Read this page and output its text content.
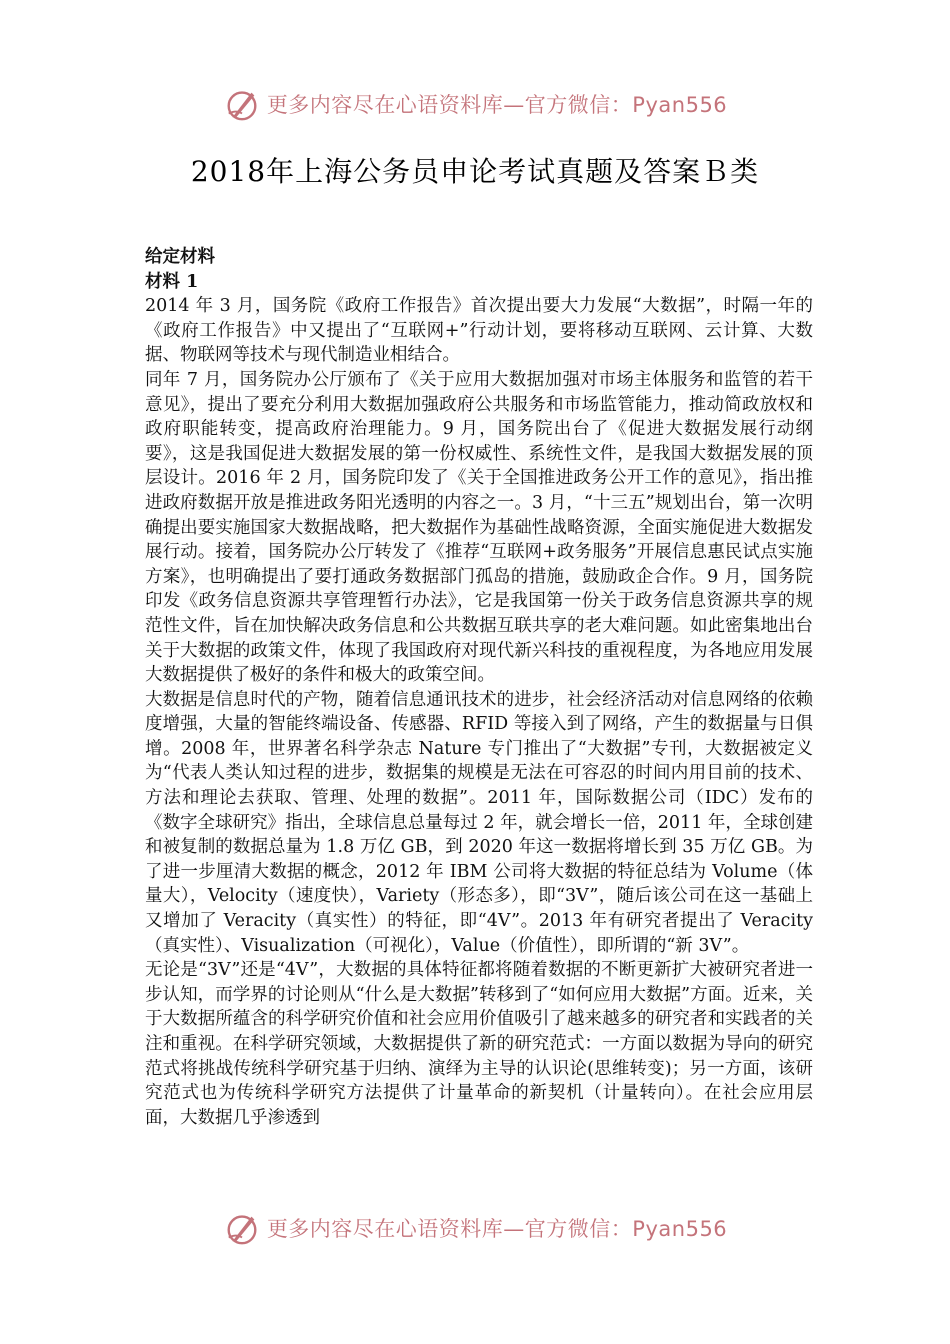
更多内容尽在心语资料库—官方微信：Pyan556
2018年上海公务员申论考试真题及答案Ｂ类

给定材料

材料 1

2014 年 3 月，国务院《政府工作报告》首次提出要大力发展“大数据”，时隔一年的《政府工作报告》中又提出了“互联网+”行动计划，要将移动互联网、云计算、大数据、物联网等技术与现代制造业相结合。

同年 7 月，国务院办公厅颁布了《关于应用大数据加强对市场主体服务和监管的若干意见》，提出了要充分利用大数据加强政府公共服务和市场监管能力，推动简政放权和政府职能转变，提高政府治理能力。9 月，国务院出台了《促进大数据发展行动纲要》，这是我国促进大数据发展的第一份权威性、系统性文件，是我国大数据发展的顶层设计。2016 年 2 月，国务院印发了《关于全国推进政务公开工作的意见》，指出推进政府数据开放是推进政务阳光透明的内容之一。3 月，“十三五”规划出台，第一次明确提出要实施国家大数据战略，把大数据作为基础性战略资源，全面实施促进大数据发展行动。接着，国务院办公厅转发了《推荐“互联网+政务服务”开展信息惠民试点实施方案》，也明确提出了要打通政务数据部门孤岛的措施，鼓励政企合作。9 月，国务院印发《政务信息资源共享管理暂行办法》，它是我国第一份关于政务信息资源共享的规范性文件，旨在加快解决政务信息和公共数据互联共享的老大难问题。如此密集地出台关于大数据的政策文件，体现了我国政府对现代新兴科技的重视程度，为各地应用发展大数据提供了极好的条件和极大的政策空间。

大数据是信息时代的产物，随着信息通讯技术的进步，社会经济活动对信息网络的依赖度增强，大量的智能终端设备、传感器、RFID 等接入到了网络，产生的数据量与日俱增。2008 年，世界著名科学杂志 Nature 专门推出了“大数据”专刊，大数据被定义为“代表人类认知过程的进步，数据集的规模是无法在可容忍的时间内用目前的技术、方法和理论去获取、管理、处理的数据”。2011 年，国际数据公司（IDC）发布的《数字全球研究》指出，全球信息总量每过 2 年，就会增长一倍，2011 年，全球创建和被复制的数据总量为 1.8 万亿 GB，到 2020 年这一数据将增长到 35 万亿 GB。为了进一步厘清大数据的概念，2012 年 IBM 公司将大数据的特征总结为 Volume（体量大），Velocity（速度快），Variety（形态多），即“3V”，随后该公司在这一基础上又增加了 Veracity（真实性）的特征，即“4V”。2013 年有研究者提出了 Veracity（真实性）、Visualization（可视化），Value（价值性），即所谓的“新 3V”。

无论是“3V”还是“4V”，大数据的具体特征都将随着数据的不断更新扩大被研究者进一步认知，而学界的讨论则从“什么是大数据”转移到了“如何应用大数据”方面。近来，关于大数据所蕴含的科学研究价值和社会应用价值吸引了越来越多的研究者和实践者的关注和重视。在科学研究领域，大数据提供了新的研究范式：一方面以数据为导向的研究范式将挑战传统科学研究基于归纳、演绎为主导的认识论(思维转变)；另一方面，该研究范式也为传统科学研究方法提供了计量革命的新契机（计量转向）。在社会应用层面，大数据几乎渗透到

更多内容尽在心语资料库—官方微信：Pyan556
